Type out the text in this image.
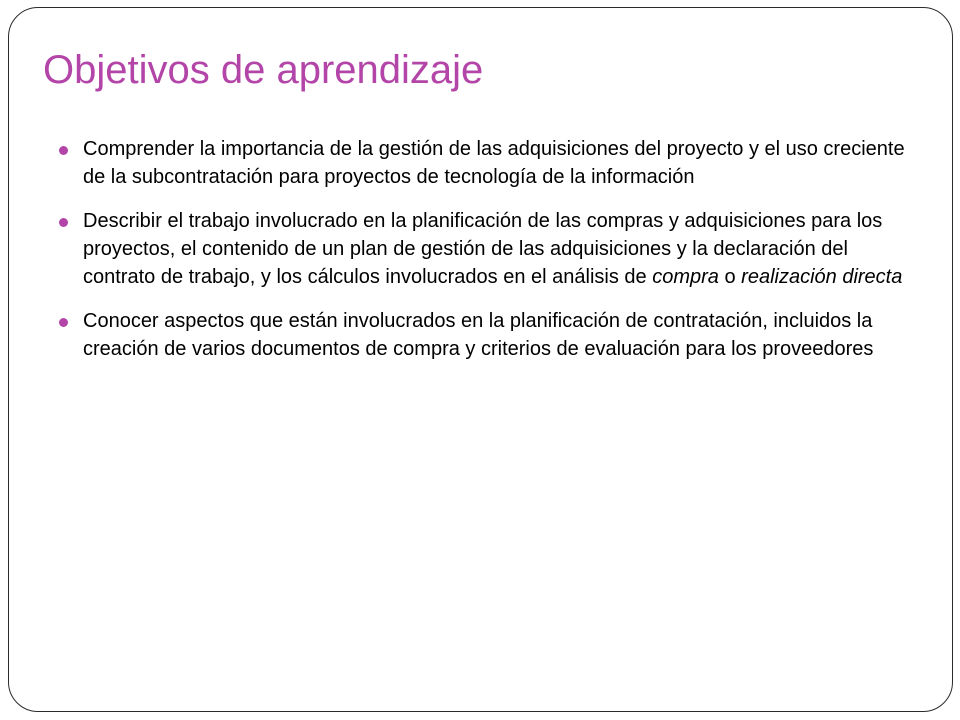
Objetivos de aprendizaje
Comprender la importancia de la gestión de las adquisiciones del proyecto y el uso creciente de la subcontratación para proyectos de tecnología de la información
Describir el trabajo involucrado en la planificación de las compras y adquisiciones para los proyectos, el contenido de un plan de gestión de las adquisiciones y la declaración del contrato de trabajo, y los cálculos involucrados en el análisis de compra o realización directa
Conocer aspectos que están involucrados en la planificación de contratación, incluidos la creación de varios documentos de compra y criterios de evaluación para los proveedores
